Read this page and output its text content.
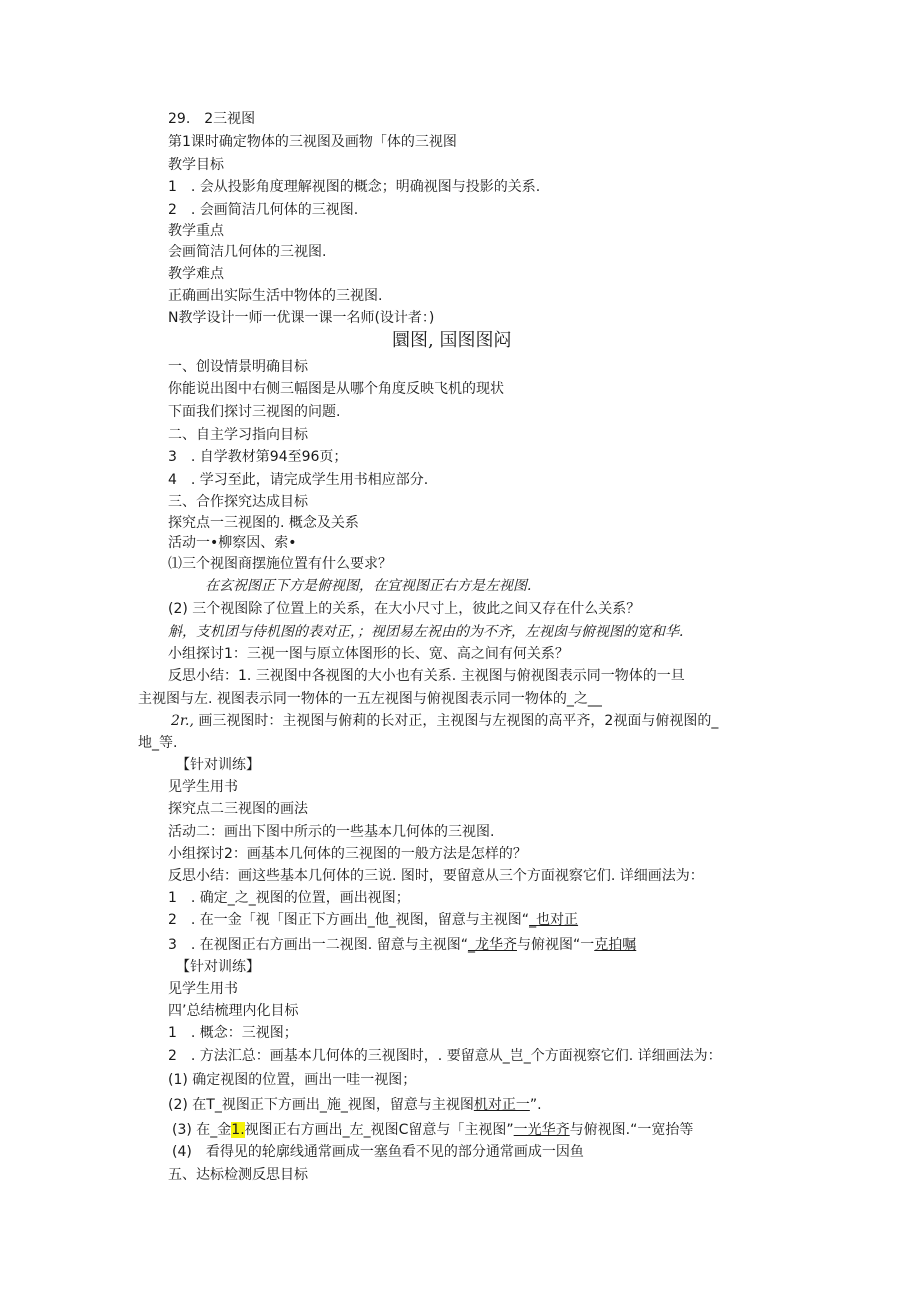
29.　2三视图
第1课时确定物体的三视图及画物「体的三视图
教学目标
1　. 会从投影角度理解视图的概念；明确视图与投影的关系.
2　. 会画简洁几何体的三视图.
教学重点
会画简洁几何体的三视图.
教学难点
正确画出实际生活中物体的三视图.
N教学设计一师一优课一课一名师(设计者：)
圜图, 国图图闷
一、创设情景明确目标
你能说出图中右侧三幅图是从哪个角度反映飞机的现状
下面我们探讨三视图的问题.
二、自主学习指向目标
3　. 自学教材第94至96页；
4　. 学习至此，请完成学生用书相应部分.
三、合作探究达成目标
探究点一三视图的. 概念及关系
活动一•柳察因、索•
⑴三个视图商摆施位置有什么要求？
在玄祝图正下方是俯视图，在宜视图正右方是左视图.
(2) 三个视图除了位置上的关系，在大小尺寸上，彼此之间又存在什么关系？
斛，支机团与侍机图的表对正，；视团易左祝由的为不齐，左视囱与俯视图的宽和华.
小组探讨1：三视一图与原立体图形的长、宽、高之间有何关系？
反思小结：1. 三视图中各视图的大小也有关系. 主视图与俯视图表示同一物体的一旦
主视图与左. 视图表示同一物体的一五左视图与俯视图表示同一物体的_之__
2r., 画三视图时：主视图与俯莉的长对正，主视图与左视图的高平齐，2视面与俯视图的_
地_等.
【针对训练】
见学生用书
探究点二三视图的画法
活动二：画出下图中所示的一些基本几何体的三视图.
小组探讨2：画基本几何体的三视图的一般方法是怎样的？
反思小结：画这些基本几何体的三说. 图时，要留意从三个方面视察它们. 详细画法为：
1　. 确定_之_视图的位置，画出视图；
2　. 在一金「视「图正下方画出_他_视图，留意与主视图“_也对正
3　. 在视图正右方画出一二视图. 留意与主视图“_龙华齐与俯视图“一克拍嘱
【针对训练】
见学生用书
四’总结梳理内化目标
1　. 概念：三视图；
2　. 方法汇总：画基本几何体的三视图时，. 要留意从_岂_个方面视察它们. 详细画法为：
(1) 确定视图的位置，画出一哇一视图；
(2) 在T_视图正下方画出_施_视图，留意与主视图机对正一”.
(3) 在_金1.视图正右方画出_左_视图C留意与「主视图”一光华齐与俯视图.“一宽抬等
(4)　看得见的轮廓线通常画成一塞鱼看不见的部分通常画成一因鱼
五、达标检测反思目标
